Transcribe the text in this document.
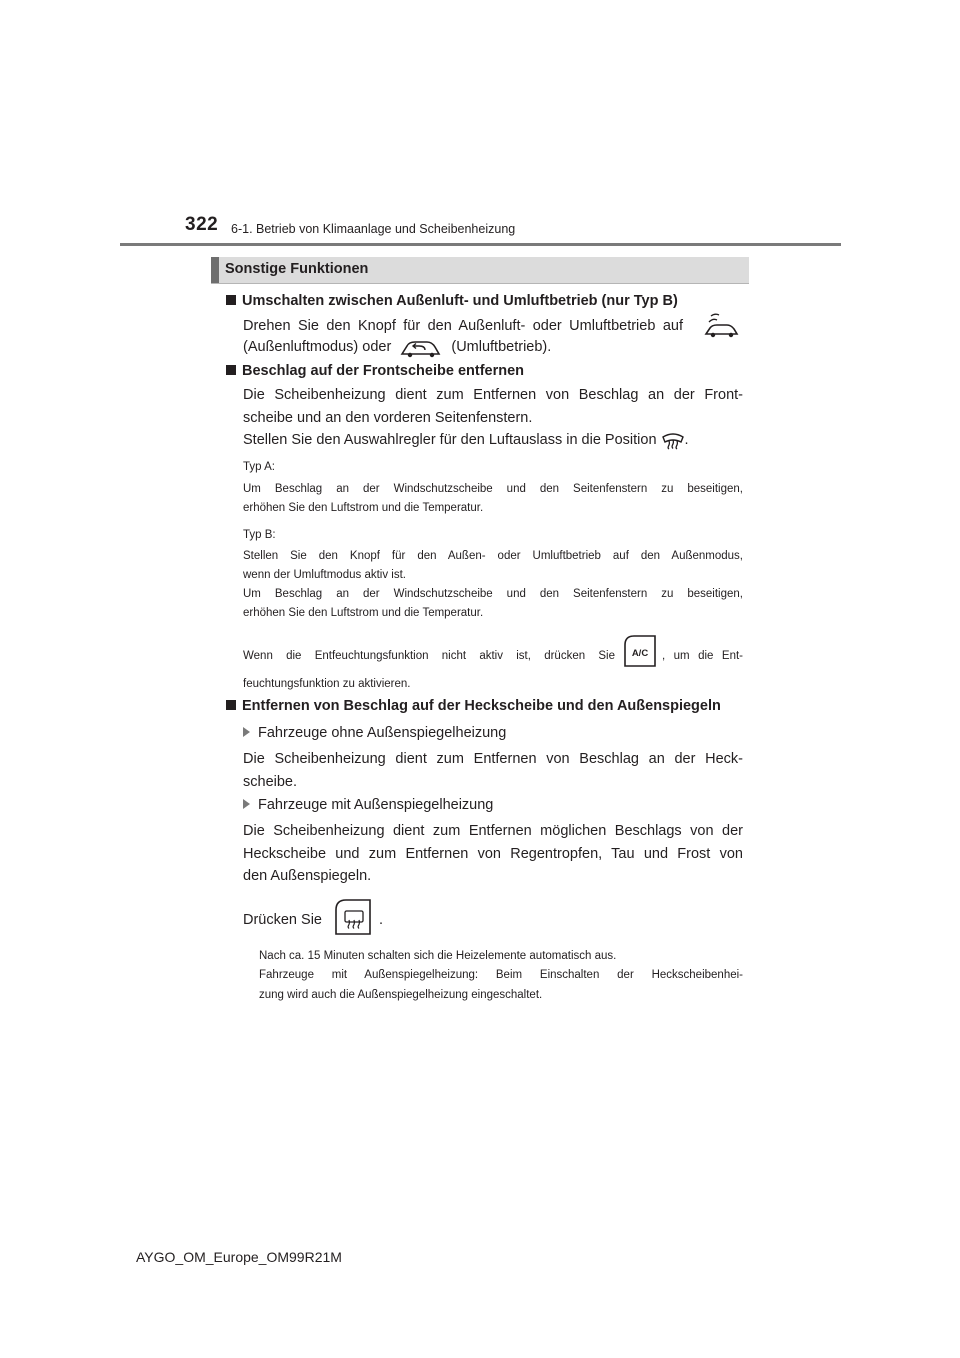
322 6-1. Betrieb von Klimaanlage und Scheibenheizung
Sonstige Funktionen
Umschalten zwischen Außenluft- und Umluftbetrieb (nur Typ B)
Drehen Sie den Knopf für den Außenluft- oder Umluftbetrieb auf
(Außenluftmodus) oder	(Umluftbetrieb).
Beschlag auf der Frontscheibe entfernen
Die Scheibenheizung dient zum Entfernen von Beschlag an der Front-
scheibe und an den vorderen Seitenfenstern.
Stellen Sie den Auswahlregler für den Luftauslass in die Position .
Typ A:
Um Beschlag an der Windschutzscheibe und den Seitenfenstern zu beseitigen,
erhöhen Sie den Luftstrom und die Temperatur.
Typ B:
Stellen Sie den Knopf für den Außen- oder Umluftbetrieb auf den Außenmodus,
wenn der Umluftmodus aktiv ist.
Um Beschlag an der Windschutzscheibe und den Seitenfenstern zu beseitigen,
erhöhen Sie den Luftstrom und die Temperatur.
Wenn die Entfeuchtungsfunktion nicht aktiv ist, drücken Sie A/C , um die Ent-
feuchtungsfunktion zu aktivieren.
Entfernen von Beschlag auf der Heckscheibe und den Außenspiegeln
Fahrzeuge ohne Außenspiegelheizung
Die Scheibenheizung dient zum Entfernen von Beschlag an der Heck-
scheibe.
Fahrzeuge mit Außenspiegelheizung
Die Scheibenheizung dient zum Entfernen möglichen Beschlags von der
Heckscheibe und zum Entfernen von Regentropfen, Tau und Frost von
den Außenspiegeln.
Drücken Sie	.
Nach ca. 15 Minuten schalten sich die Heizelemente automatisch aus.
Fahrzeuge mit Außenspiegelheizung: Beim Einschalten der Heckscheibenhei-
zung wird auch die Außenspiegelheizung eingeschaltet.
AYGO_OM_Europe_OM99R21M
